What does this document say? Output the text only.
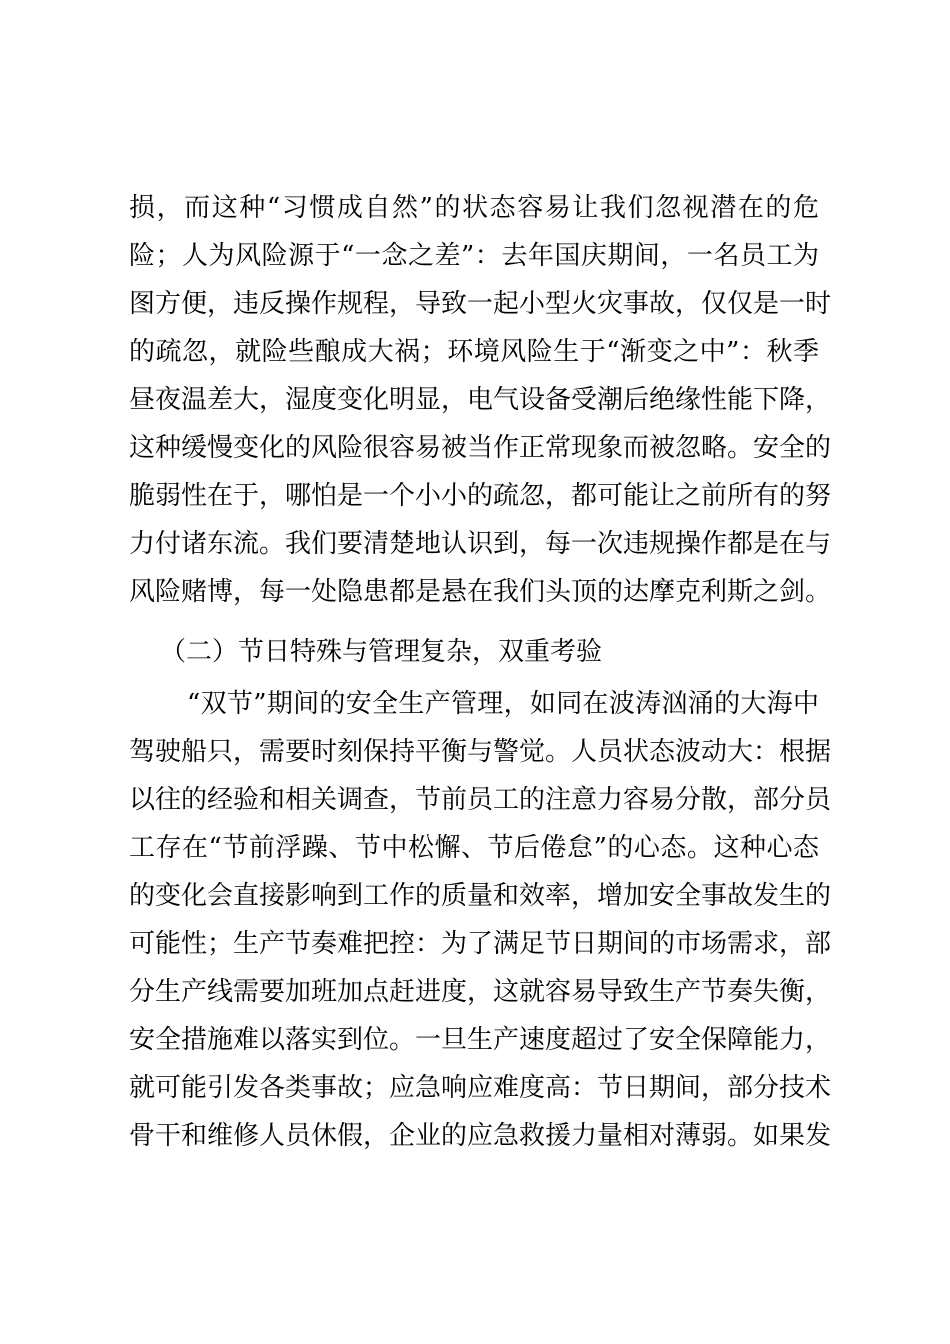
损，而这种“习惯成自然”的状态容易让我们忽视潜在的危
险；人为风险源于“一念之差”：去年国庆期间，一名员工为
图方便，违反操作规程，导致一起小型火灾事故，仅仅是一时
的疏忽，就险些酿成大祸；环境风险生于“渐变之中”：秋季
昼夜温差大，湿度变化明显，电气设备受潮后绝缘性能下降，
这种缓慢变化的风险很容易被当作正常现象而被忽略。安全的
脆弱性在于，哪怕是一个小小的疏忽，都可能让之前所有的努
力付诸东流。我们要清楚地认识到，每一次违规操作都是在与
风险赌博，每一处隐患都是悬在我们头顶的达摩克利斯之剑。
（二）节日特殊与管理复杂，双重考验
“双节”期间的安全生产管理，如同在波涛汹涌的大海中
驾驶船只，需要时刻保持平衡与警觉。人员状态波动大：根据
以往的经验和相关调查，节前员工的注意力容易分散，部分员
工存在“节前浮躁、节中松懈、节后倦怠”的心态。这种心态
的变化会直接影响到工作的质量和效率，增加安全事故发生的
可能性；生产节奏难把控：为了满足节日期间的市场需求，部
分生产线需要加班加点赶进度，这就容易导致生产节奏失衡，
安全措施难以落实到位。一旦生产速度超过了安全保障能力，
就可能引发各类事故；应急响应难度高：节日期间，部分技术
骨干和维修人员休假，企业的应急救援力量相对薄弱。如果发
